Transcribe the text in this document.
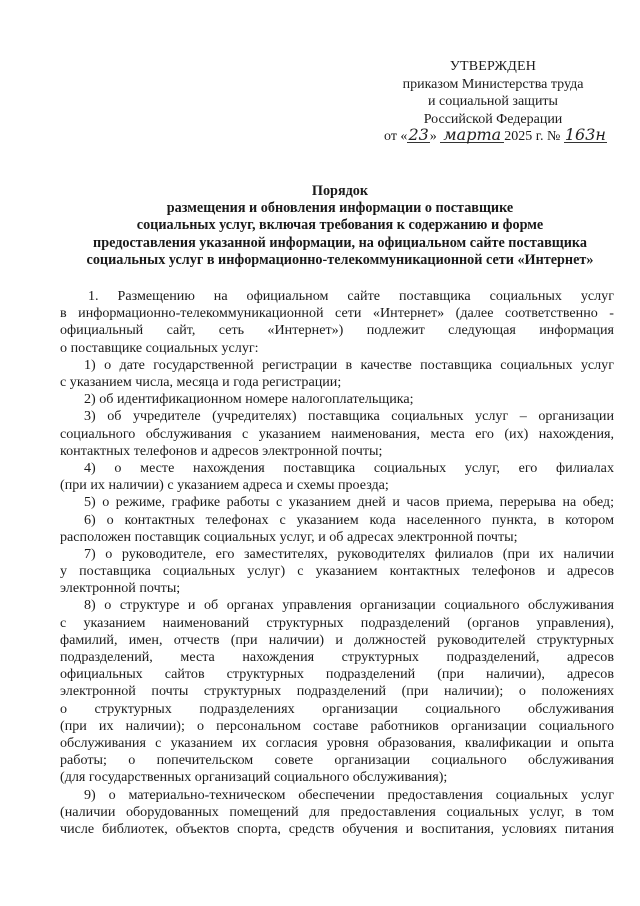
УТВЕРЖДЕН
приказом Министерства труда
и социальной защиты
Российской Федерации
от «23» марта 2025 г. № 163н
Порядок
размещения и обновления информации о поставщике
социальных услуг, включая требования к содержанию и форме
предоставления указанной информации, на официальном сайте поставщика
социальных услуг в информационно-телекоммуникационной сети «Интернет»
1. Размещению на официальном сайте поставщика социальных услуг
в информационно-телекоммуникационной сети «Интернет» (далее соответственно -
официальный сайт, сеть «Интернет») подлежит следующая информация
о поставщике социальных услуг:
1) о дате государственной регистрации в качестве поставщика социальных услуг
с указанием числа, месяца и года регистрации;
2) об идентификационном номере налогоплательщика;
3) об учредителе (учредителях) поставщика социальных услуг – организации
социального обслуживания с указанием наименования, места его (их) нахождения,
контактных телефонов и адресов электронной почты;
4) о месте нахождения поставщика социальных услуг, его филиалах
(при их наличии) с указанием адреса и схемы проезда;
5) о режиме, графике работы с указанием дней и часов приема, перерыва на обед;
6) о контактных телефонах с указанием кода населенного пункта, в котором
расположен поставщик социальных услуг, и об адресах электронной почты;
7) о руководителе, его заместителях, руководителях филиалов (при их наличии
у поставщика социальных услуг) с указанием контактных телефонов и адресов
электронной почты;
8) о структуре и об органах управления организации социального обслуживания
с указанием наименований структурных подразделений (органов управления),
фамилий, имен, отчеств (при наличии) и должностей руководителей структурных
подразделений, места нахождения структурных подразделений, адресов
официальных сайтов структурных подразделений (при наличии), адресов
электронной почты структурных подразделений (при наличии); о положениях
о структурных подразделениях организации социального обслуживания
(при их наличии); о персональном составе работников организации социального
обслуживания с указанием их согласия уровня образования, квалификации и опыта
работы; о попечительском совете организации социального обслуживания
(для государственных организаций социального обслуживания);
9) о материально-техническом обеспечении предоставления социальных услуг
(наличии оборудованных помещений для предоставления социальных услуг, в том
числе библиотек, объектов спорта, средств обучения и воспитания, условиях питания
